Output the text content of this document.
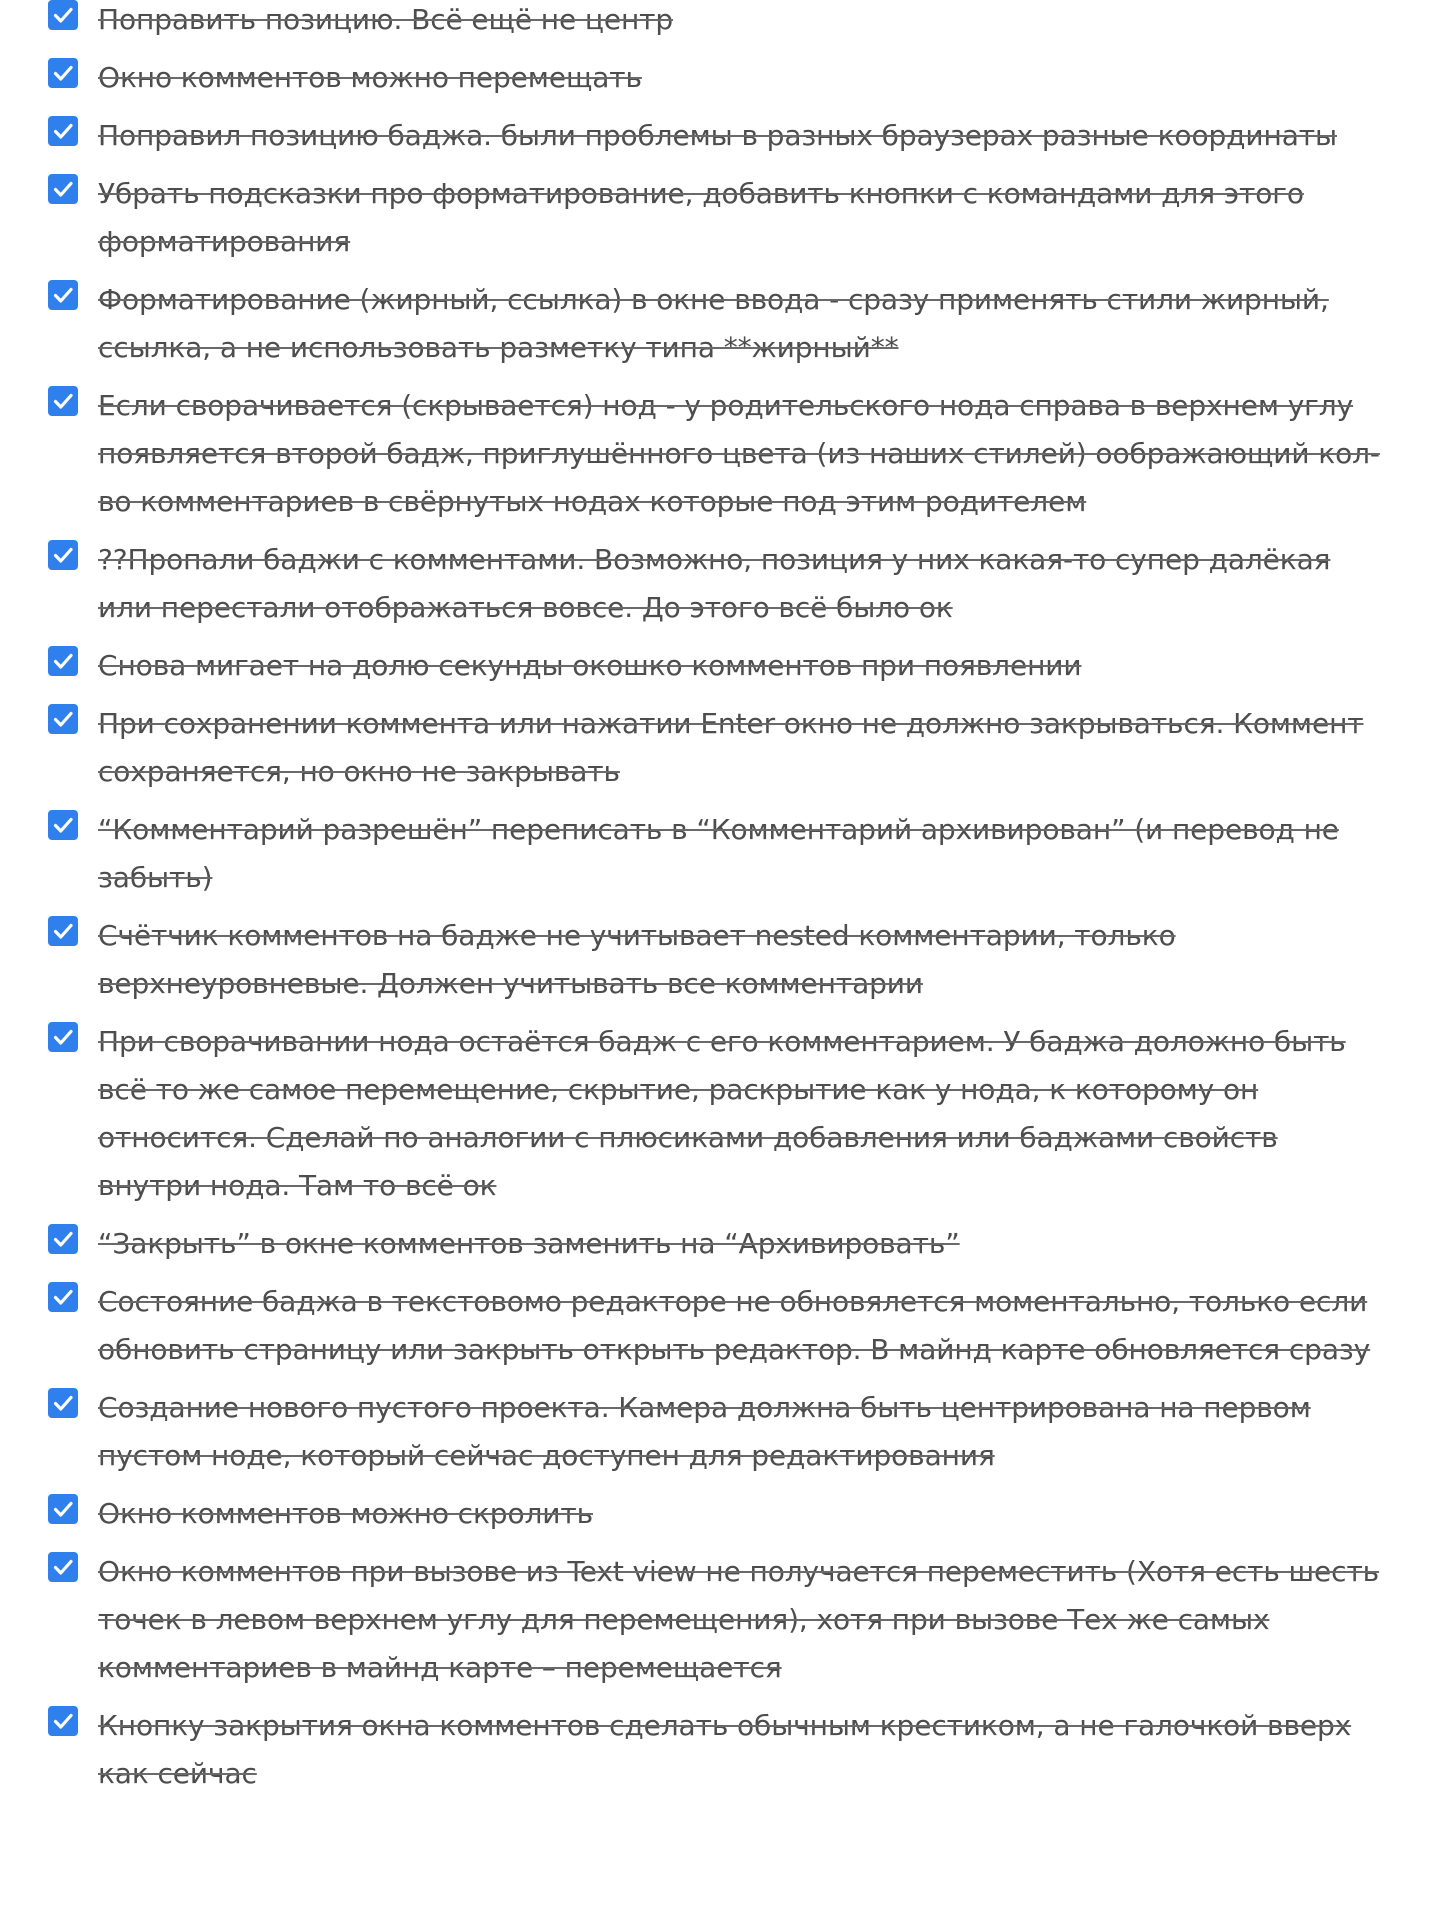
Поправить позицию. Всё ещё не центр
Окно комментов можно перемещать
Поправил позицию баджа. были проблемы в разных браузерах разные координаты
Убрать подсказки про форматирование, добавить кнопки с командами для этого
форматирования
Форматирование (жирный, ссылка) в окне ввода - сразу применять стили жирный,
ссылка, а не использовать разметку типа **жирный**
Если сворачивается (скрывается) нод - у родительского нода справа в верхнем углу
появляется второй бадж, приглушённого цвета (из наших стилей) оображающий кол-
во комментариев в свёрнутых нодах которые под этим родителем
??Пропали баджи с комментами. Возможно, позиция у них какая-то супер далёкая
или перестали отображаться вовсе. До этого всё было ок
Снова мигает на долю секунды окошко комментов при появлении
При сохранении коммента или нажатии Enter окно не должно закрываться. Коммент
сохраняется, но окно не закрывать
“Комментарий разрешён” переписать в “Комментарий архивирован” (и перевод не
забыть)
Счётчик комментов на бадже не учитывает nested комментарии, только
верхнеуровневые. Должен учитывать все комментарии
При сворачивании нода остаётся бадж с его комментарием. У баджа доложно быть
всё то же самое перемещение, скрытие, раскрытие как у нода, к которому он
относится. Сделай по аналогии с плюсиками добавления или баджами свойств
внутри нода. Там то всё ок
“Закрыть” в окне комментов заменить на “Архивировать”
Состояние баджа в текстовомо редакторе не обновялется моментально, только если
обновить страницу или закрыть открыть редактор. В майнд карте обновляется сразу
Создание нового пустого проекта. Камера должна быть центрирована на первом
пустом ноде, который сейчас доступен для редактирования
Окно комментов можно скролить
Окно комментов при вызове из Text view не получается переместить (Хотя есть шесть
точек в левом верхнем углу для перемещения), хотя при вызове Тех же самых
комментариев в майнд карте – перемещается
Кнопку закрытия окна комментов сделать обычным крестиком, а не галочкой вверх
как сейчас
